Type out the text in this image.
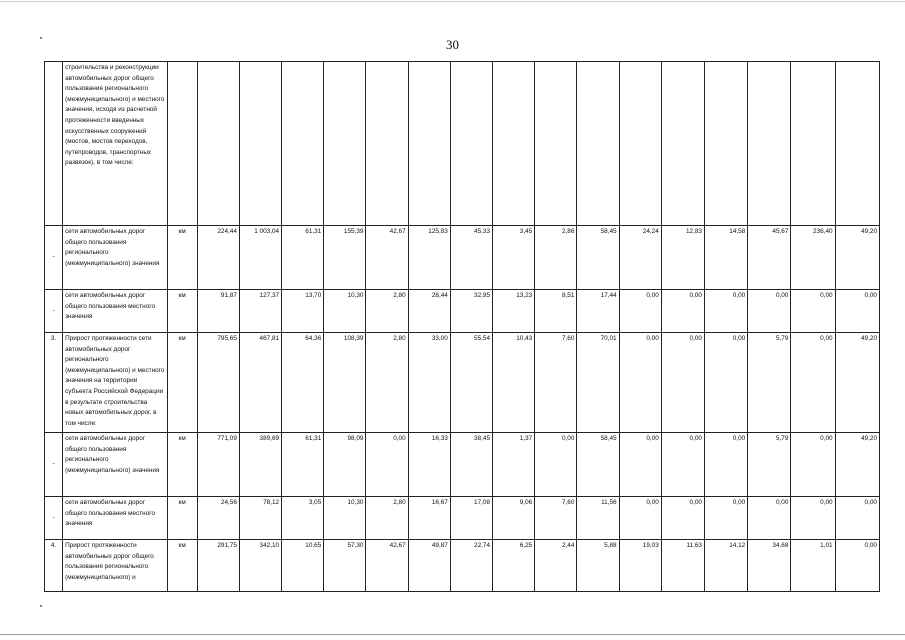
30
	строительства и реконструкции автомобильных дорог общего пользования регионального (межмуниципального) и местного значения, исходя из расчетной протяженности введенных искусственных сооружений (мостов, мостов переходов, путепроводов, транспортных развязок), в том числе:																	
-	сети автомобильных дорог общего пользования регионального (межмуниципального) значения	км	224,44	1 003,04	61,31	155,39	42,67	125,83	45,33	3,45	2,86	58,45	24,24	12,83	14,58	45,67	236,40	49,20
-	сети автомобильных дорог общего пользования местного значения	км	91,87	127,37	13,70	10,30	2,80	28,44	32,95	13,23	8,51	17,44	0,00	0,00	0,00	0,00	0,00	0,00
3.	Прирост протяженности сети автомобильных дорог регионального (межмуниципального) и местного значения на территории субъекта Российской Федерации в результате строительства новых автомобильных дорог, в том числе:	км	795,65	467,81	64,36	108,39	2,80	33,00	55,54	10,43	7,60	70,01	0,00	0,00	0,00	5,79	0,00	49,20
-	сети автомобильных дорог общего пользования регионального (межмуниципального) значения	км	771,09	389,69	61,31	98,09	0,00	16,33	38,45	1,37	0,00	58,45	0,00	0,00	0,00	5,79	0,00	49,20
-	сети автомобильных дорог общего пользования местного значения	км	24,56	78,12	3,05	10,30	2,80	16,67	17,08	9,06	7,60	11,56	0,00	0,00	0,00	0,00	0,00	0,00
4.	Прирост протяженности автомобильных дорог общего пользования регионального (межмуниципального) и	км	291,75	342,10	10,65	57,30	42,67	49,87	22,74	6,25	2,44	5,88	19,03	11,63	14,12	34,68	1,01	0,00
